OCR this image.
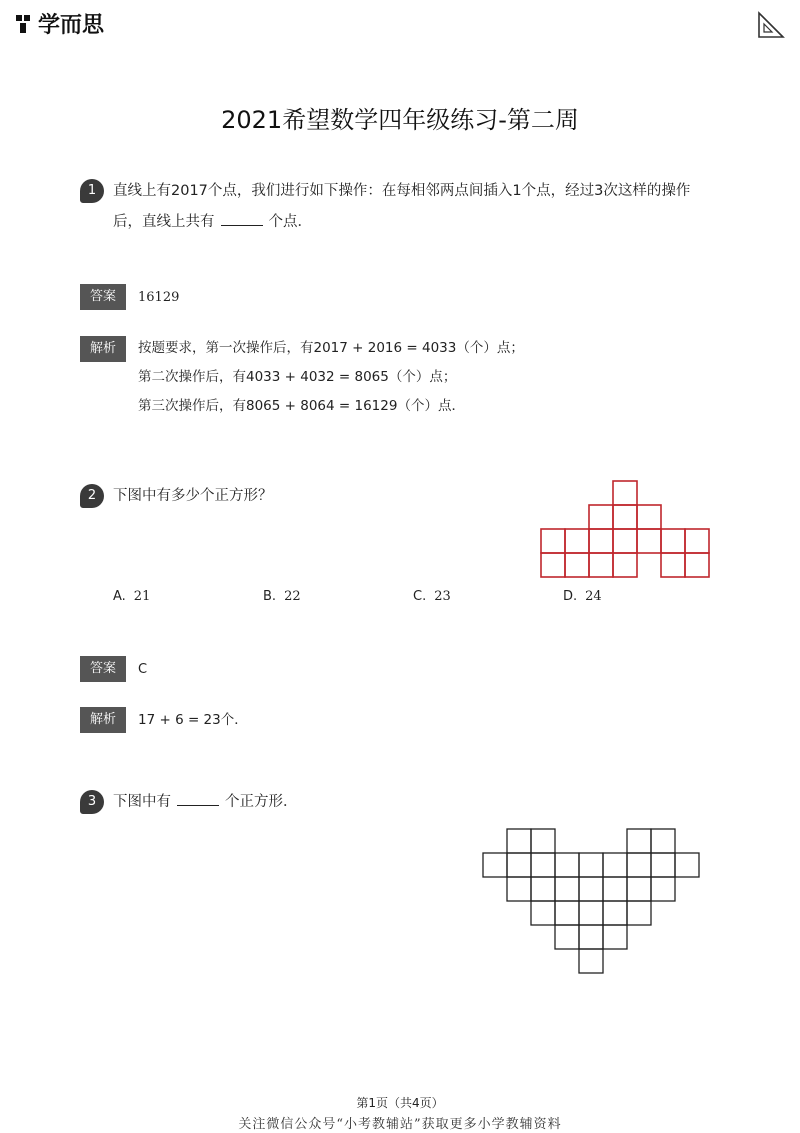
学而思
2021希望数学四年级练习-第二周
1	直线上有2017个点，我们进行如下操作：在每相邻两点间插入1个点，经过3次这样的操作
后，直线上共有	个点．
答案	16129
解析	按题要求，第一次操作后，有2017 + 2016 = 4033（个）点；
第二次操作后，有4033 + 4032 = 8065（个）点；
第三次操作后，有8065 + 8064 = 16129（个）点．
2	下图中有多少个正方形？
A. 21	B. 22	C. 23	D. 24
答案	C
解析	17 + 6 = 23个．
3	下图中有	个正方形．
第1页（共4页）
关注微信公众号“小考教辅站”获取更多小学教辅资料
